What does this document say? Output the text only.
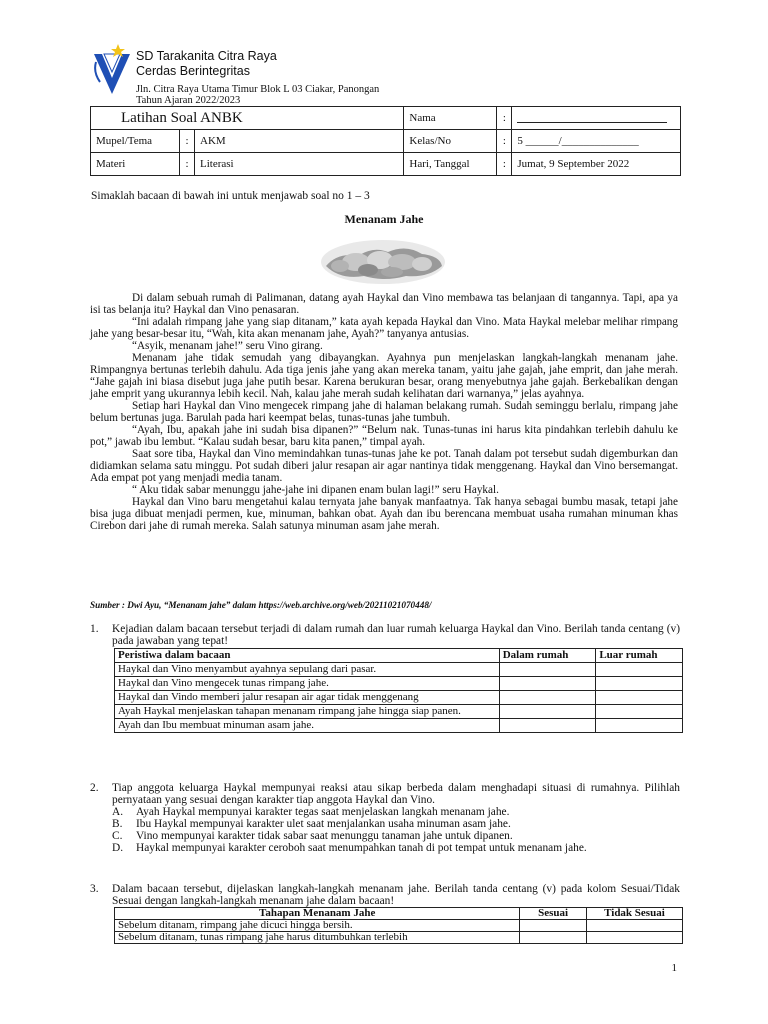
SD Tarakanita Citra Raya
Cerdas Berintegritas
Jln. Citra Raya Utama Timur Blok L 03 Ciakar, Panongan
Tahun Ajaran 2022/2023
Latihan Soal ANBK			Nama	:	
Mupel/Tema	:	AKM	Kelas/No	:	5 ______/______________
Materi	:	Literasi	Hari, Tanggal	:	Jumat, 9 September 2022
Simaklah bacaan di bawah ini untuk menjawab soal no 1 – 3
Menanam Jahe

Di dalam sebuah rumah di Palimanan, datang ayah Haykal dan Vino membawa tas belanjaan di tangannya. Tapi, apa ya isi tas belanja itu? Haykal dan Vino penasaran.

“Ini adalah rimpang jahe yang siap ditanam,” kata ayah kepada Haykal dan Vino. Mata Haykal melebar melihar rimpang jahe yang besar-besar itu, “Wah, kita akan menanam jahe, Ayah?” tanyanya antusias.

“Asyik, menanam jahe!” seru Vino girang.

Menanam jahe tidak semudah yang dibayangkan. Ayahnya pun menjelaskan langkah-langkah menanam jahe. Rimpangnya bertunas terlebih dahulu. Ada tiga jenis jahe yang akan mereka tanam, yaitu jahe gajah, jahe emprit, dan jahe merah. “Jahe gajah ini biasa disebut juga jahe putih besar. Karena berukuran besar, orang menyebutnya jahe gajah. Berkebalikan dengan jahe emprit yang ukurannya lebih kecil. Nah, kalau jahe merah sudah kelihatan dari warnanya,” jelas ayahnya.

Setiap hari Haykal dan Vino mengecek rimpang jahe di halaman belakang rumah. Sudah seminggu berlalu, rimpang jahe belum bertunas juga. Barulah pada hari keempat belas, tunas-tunas jahe tumbuh.

“Ayah, Ibu, apakah jahe ini sudah bisa dipanen?” “Belum nak. Tunas-tunas ini harus kita pindahkan terlebih dahulu ke pot,” jawab ibu lembut. “Kalau sudah besar, baru kita panen,” timpal ayah.

Saat sore tiba, Haykal dan Vino memindahkan tunas-tunas jahe ke pot. Tanah dalam pot tersebut sudah digemburkan dan didiamkan selama satu minggu. Pot sudah diberi jalur resapan air agar nantinya tidak menggenang. Haykal dan Vino bersemangat. Ada empat pot yang menjadi media tanam.

“ Aku tidak sabar menunggu jahe-jahe ini dipanen enam bulan lagi!” seru Haykal.

Haykal dan Vino baru mengetahui kalau ternyata jahe banyak manfaatnya. Tak hanya sebagai bumbu masak, tetapi jahe bisa juga dibuat menjadi permen, kue, minuman, bahkan obat. Ayah dan ibu berencana membuat usaha rumahan minuman khas Cirebon dari jahe di rumah mereka. Salah satunya minuman asam jahe merah.

Sumber : Dwi Ayu, “Menanam jahe” dalam https://web.archive.org/web/20211021070448/
1. Kejadian dalam bacaan tersebut terjadi di dalam rumah dan luar rumah keluarga Haykal dan Vino. Berilah tanda centang (v) pada jawaban yang tepat!
Peristiwa dalam bacaan	Dalam rumah	Luar rumah
Haykal dan Vino menyambut ayahnya sepulang dari pasar.		
Haykal dan Vino mengecek tunas rimpang jahe.		
Haykal dan Vindo memberi jalur resapan air agar tidak menggenang		
Ayah Haykal menjelaskan tahapan menanam rimpang jahe hingga siap panen.		
Ayah dan Ibu membuat minuman asam jahe.		
2. Tiap anggota keluarga Haykal mempunyai reaksi atau sikap berbeda dalam menghadapi situasi di rumahnya. Pilihlah pernyataan yang sesuai dengan karakter tiap anggota Haykal dan Vino.
A. Ayah Haykal mempunyai karakter tegas saat menjelaskan langkah menanam jahe.
B. Ibu Haykal mempunyai karakter ulet saat menjalankan usaha minuman asam jahe.
C. Vino mempunyai karakter tidak sabar saat menunggu tanaman jahe untuk dipanen.
D. Haykal mempunyai karakter ceroboh saat menumpahkan tanah di pot tempat untuk menanam jahe.
3. Dalam bacaan tersebut, dijelaskan langkah-langkah menanam jahe. Berilah tanda centang (v) pada kolom Sesuai/Tidak Sesuai dengan langkah-langkah menanam jahe dalam bacaan!
Tahapan Menanam Jahe	Sesuai	Tidak Sesuai
Sebelum ditanam, rimpang jahe dicuci hingga bersih.		
Sebelum ditanam, tunas rimpang jahe harus ditumbuhkan terlebih		
1
